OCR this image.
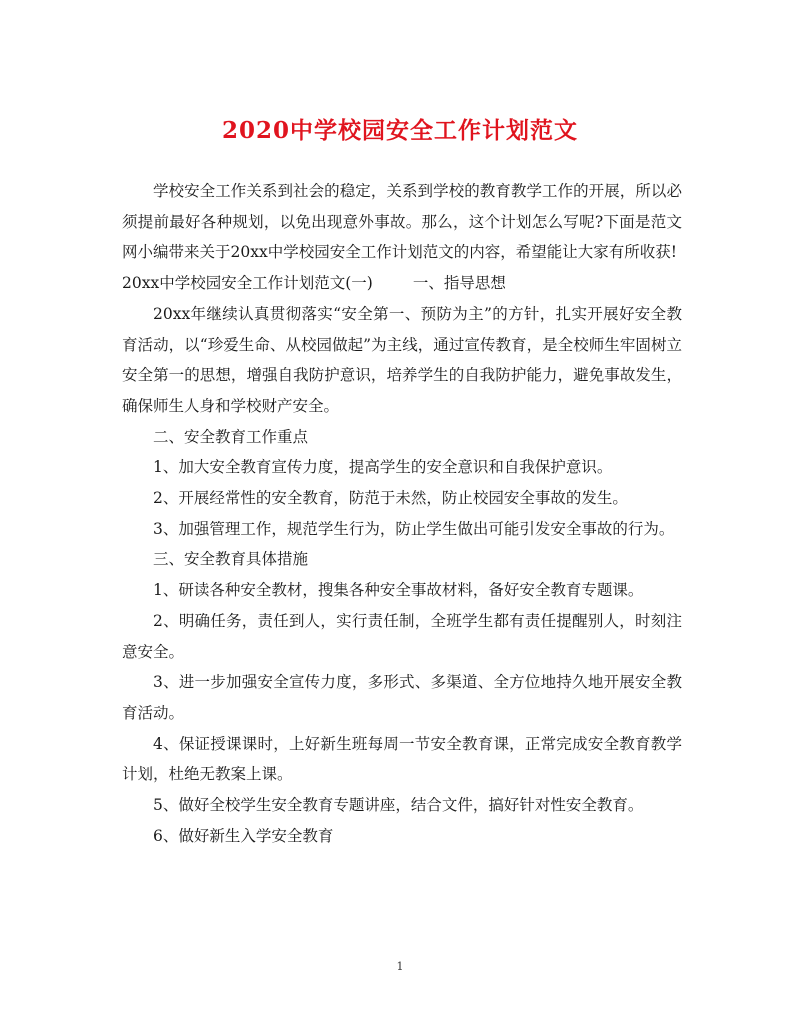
2020中学校园安全工作计划范文

学校安全工作关系到社会的稳定，关系到学校的教育教学工作的开展，所以必须提前最好各种规划，以免出现意外事故。那么，这个计划怎么写呢?下面是范文网小编带来关于20xx中学校园安全工作计划范文的内容，希望能让大家有所收获!

20xx中学校园安全工作计划范文(一)	一、指导思想

20xx年继续认真贯彻落实“安全第一、预防为主”的方针，扎实开展好安全教育活动，以“珍爱生命、从校园做起”为主线，通过宣传教育，是全校师生牢固树立安全第一的思想，增强自我防护意识，培养学生的自我防护能力，避免事故发生，确保师生人身和学校财产安全。

二、安全教育工作重点

1、加大安全教育宣传力度，提高学生的安全意识和自我保护意识。

2、开展经常性的安全教育，防范于未然，防止校园安全事故的发生。

3、加强管理工作，规范学生行为，防止学生做出可能引发安全事故的行为。

三、安全教育具体措施

1、研读各种安全教材，搜集各种安全事故材料，备好安全教育专题课。

2、明确任务，责任到人，实行责任制，全班学生都有责任提醒别人，时刻注意安全。

3、进一步加强安全宣传力度，多形式、多渠道、全方位地持久地开展安全教育活动。

4、保证授课课时，上好新生班每周一节安全教育课，正常完成安全教育教学计划，杜绝无教案上课。

5、做好全校学生安全教育专题讲座，结合文件，搞好针对性安全教育。

6、做好新生入学安全教育

1
